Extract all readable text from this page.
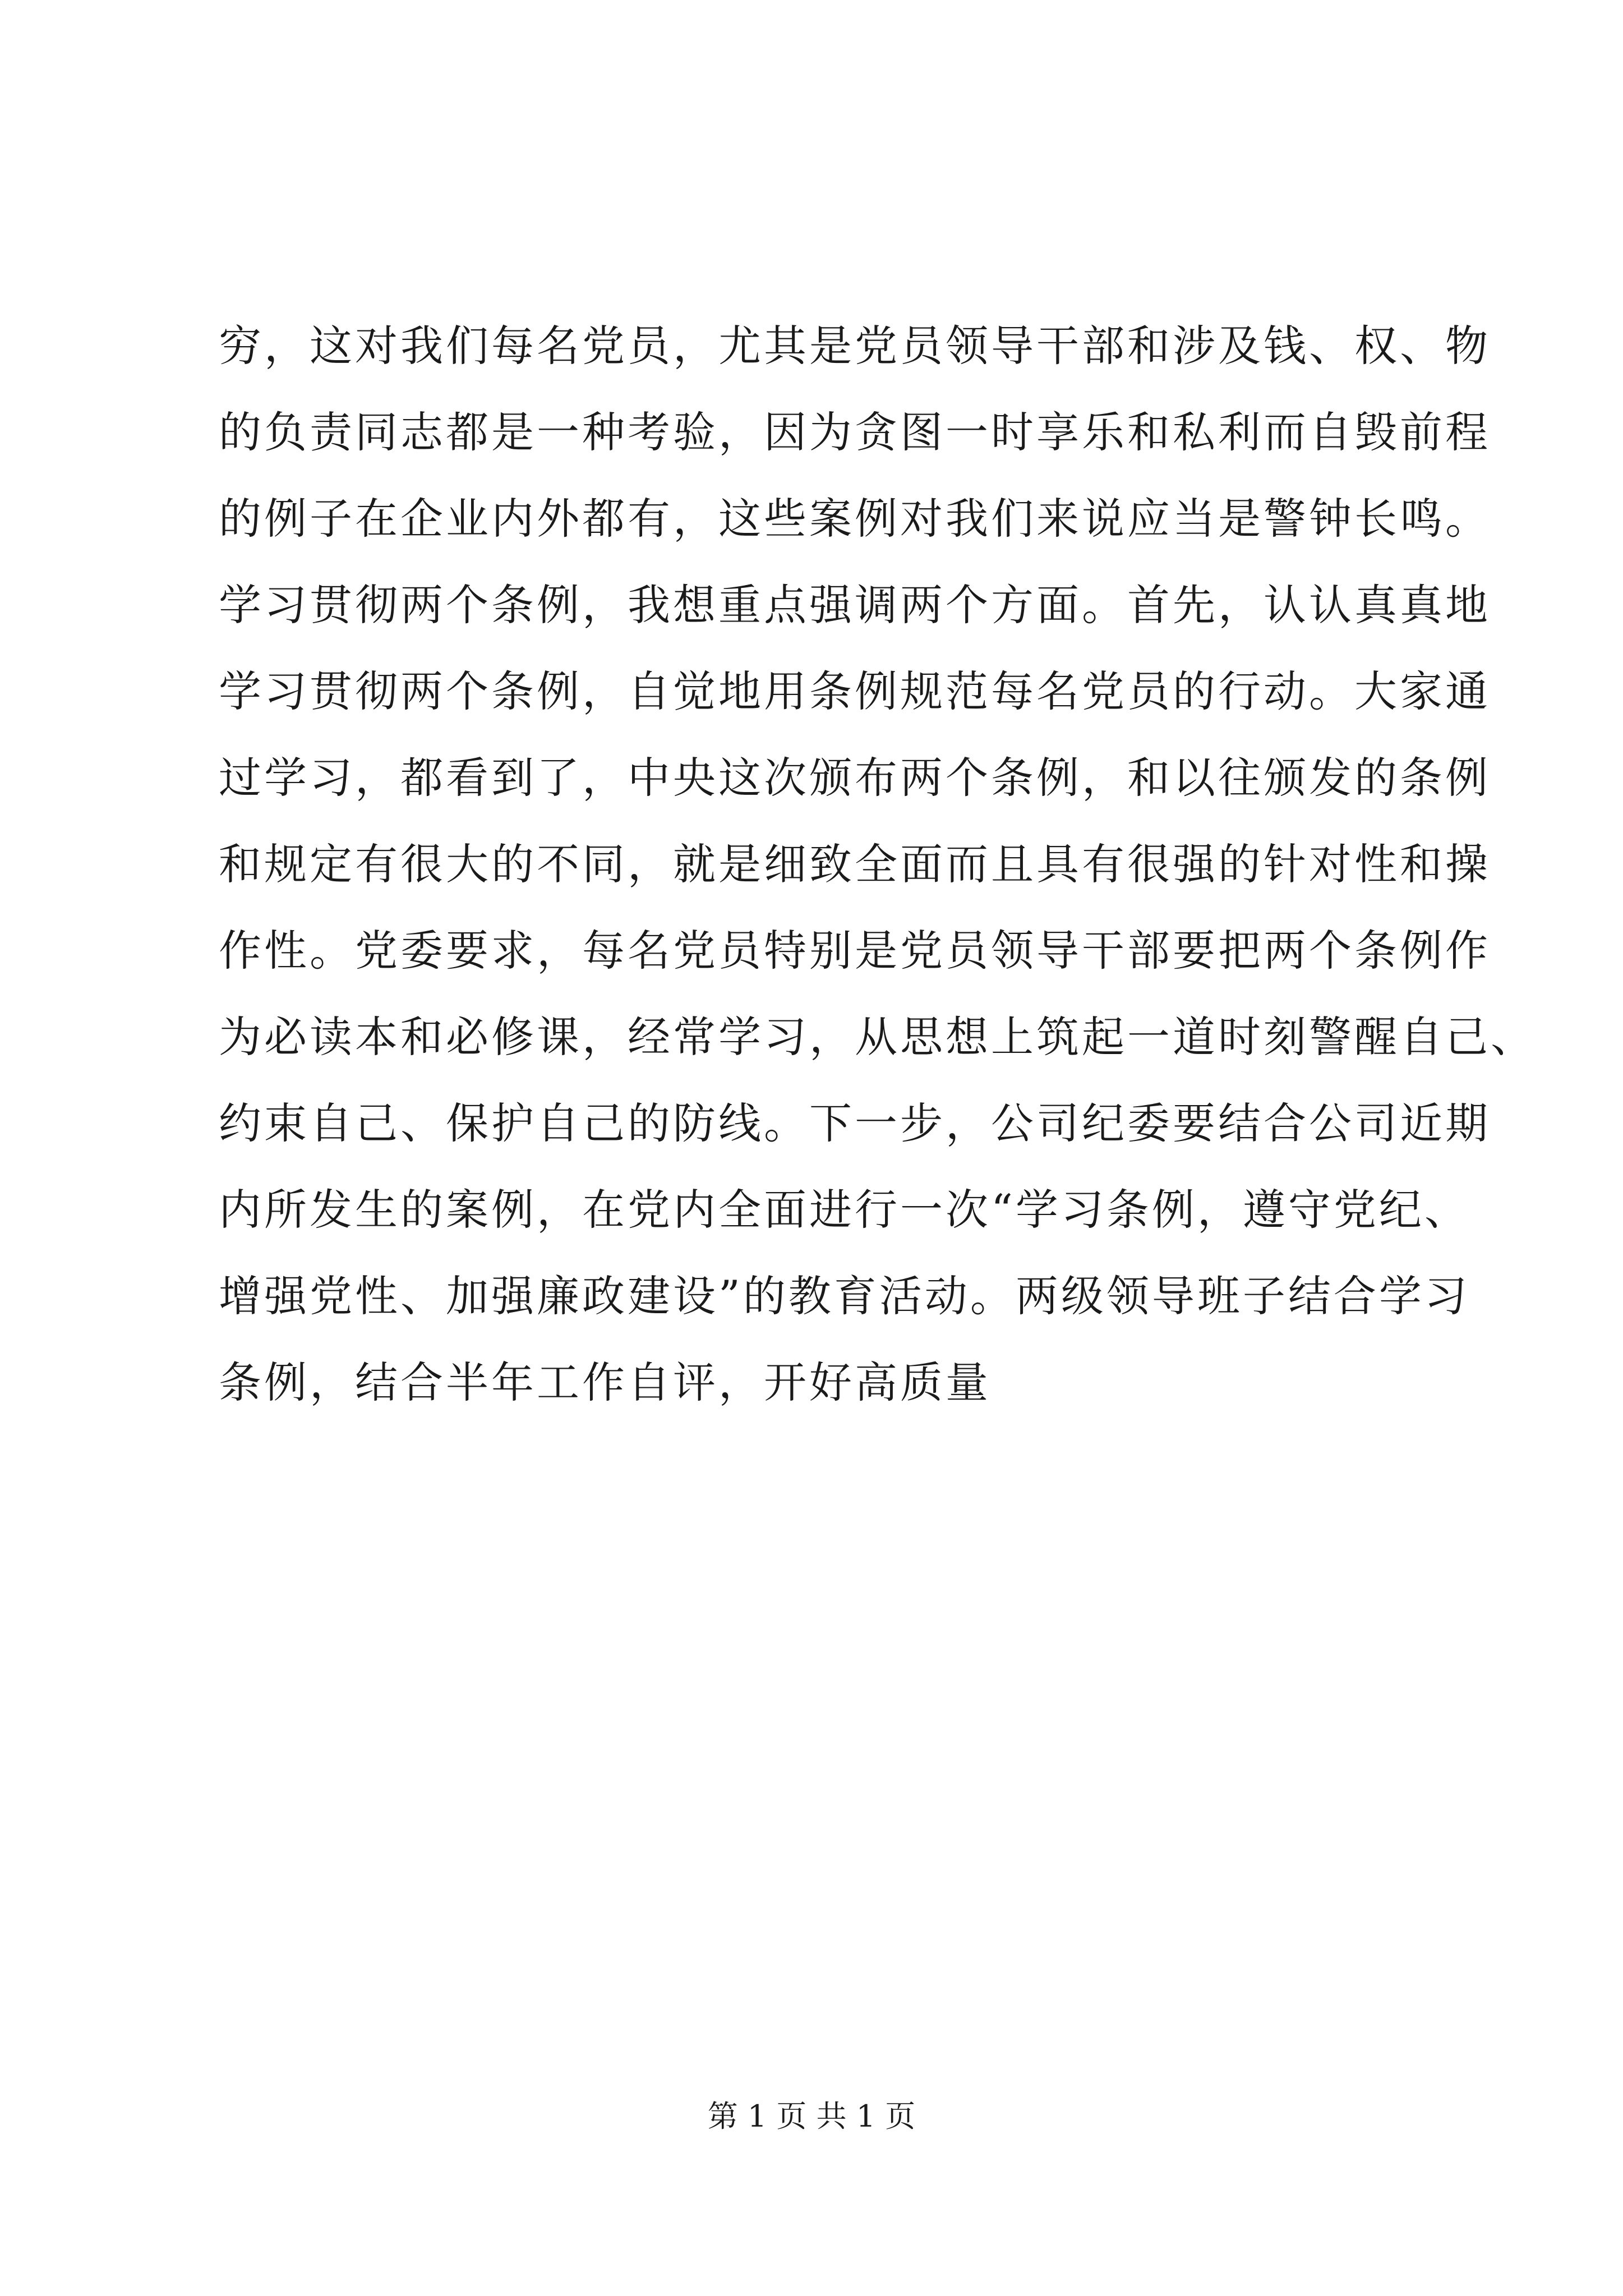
穷，这对我们每名党员，尤其是党员领导干部和涉及钱、权、物
的负责同志都是一种考验，因为贪图一时享乐和私利而自毁前程
的例子在企业内外都有，这些案例对我们来说应当是警钟长鸣。
学习贯彻两个条例，我想重点强调两个方面。首先，认认真真地
学习贯彻两个条例，自觉地用条例规范每名党员的行动。大家通
过学习，都看到了，中央这次颁布两个条例，和以往颁发的条例
和规定有很大的不同，就是细致全面而且具有很强的针对性和操
作性。党委要求，每名党员特别是党员领导干部要把两个条例作
为必读本和必修课，经常学习，从思想上筑起一道时刻警醒自己、
约束自己、保护自己的防线。下一步，公司纪委要结合公司近期
内所发生的案例，在党内全面进行一次“学习条例，遵守党纪、
增强党性、加强廉政建设”的教育活动。两级领导班子结合学习
条例，结合半年工作自评，开好高质量
第 1 页 共 1 页
